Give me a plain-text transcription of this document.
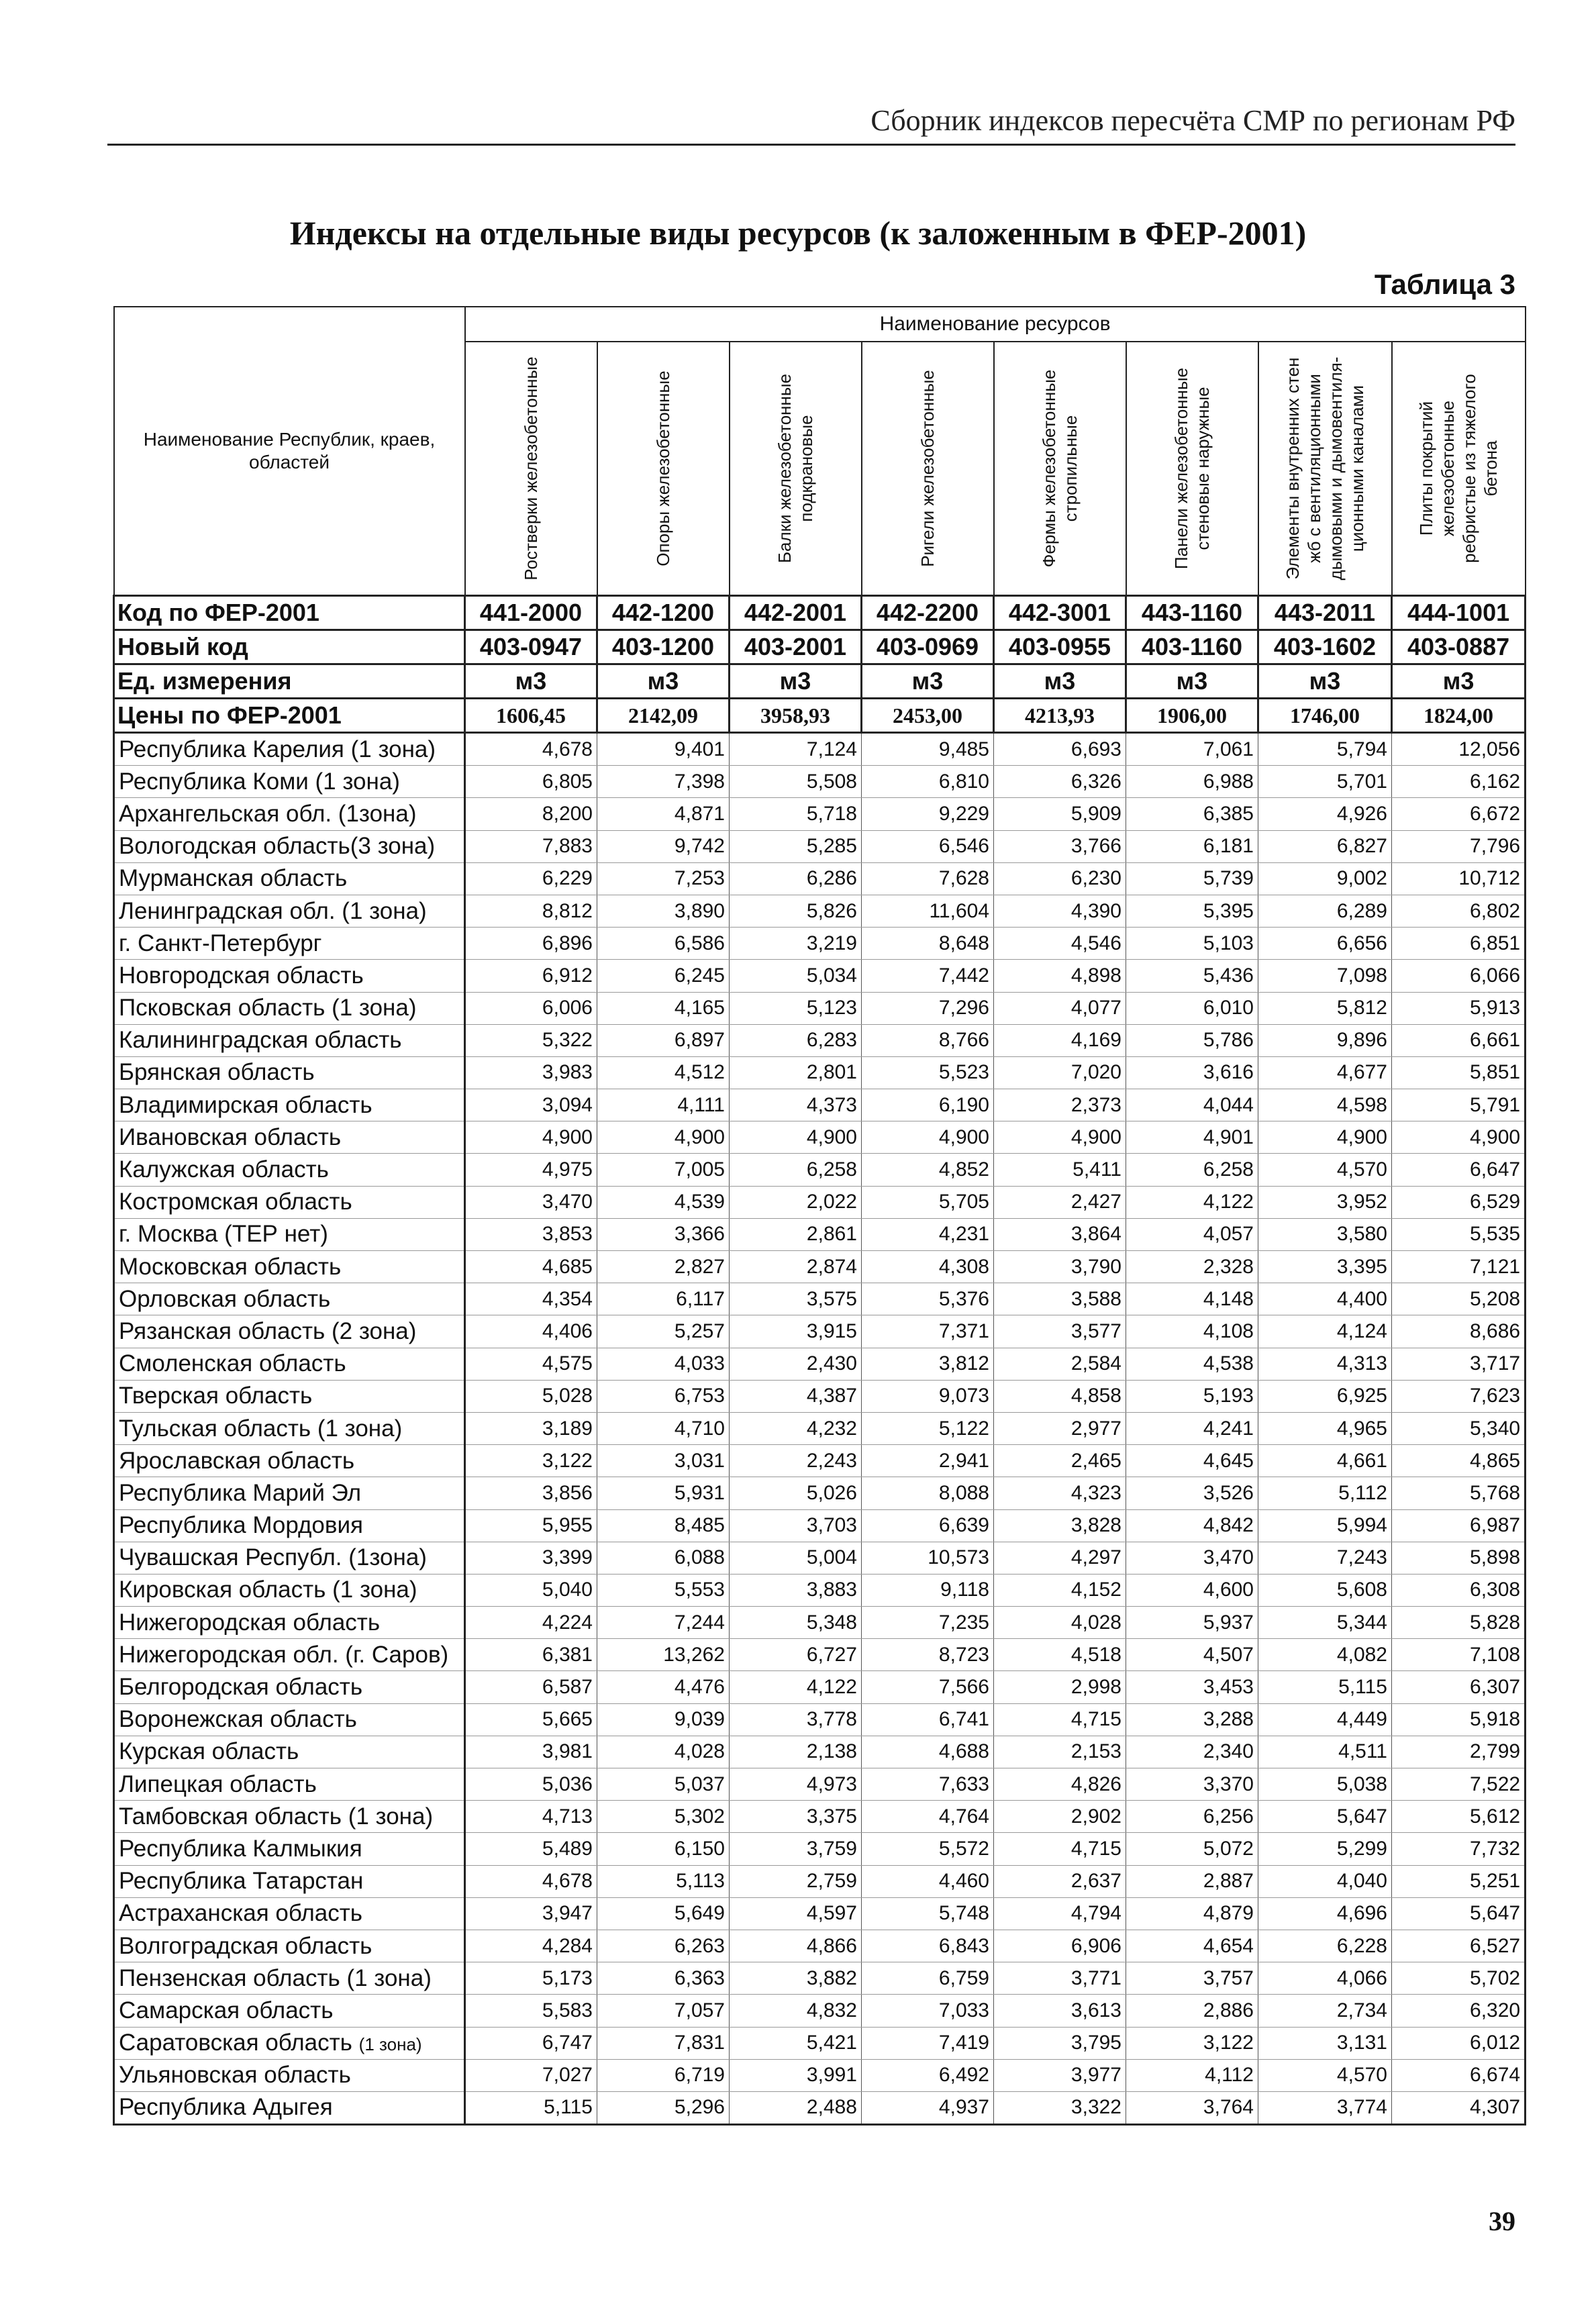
Сборник индексов пересчёта СМР по регионам РФ
Индексы на отдельные виды ресурсов (к заложенным в ФЕР-2001)
Таблица 3
Наименование Республик, краев, областей	Наименование ресурсов							

	Ростверки железобетонные	Опоры железобетонные	Балки железобетонные подкрановые	Ригели железобетонные	Фермы железобетонные стропильные	Панели железобетонные стеновые наружные	Элементы внутренних стен жб с вентиляционными дымовыми и дымовентиля-ционными каналами	Плиты покрытий железобетонные ребристые из тяжелого бетона

Код по ФЕР-2001	441-2000	442-1200	442-2001	442-2200	442-3001	443-1160	443-2011	444-1001
Новый код	403-0947	403-1200	403-2001	403-0969	403-0955	403-1160	403-1602	403-0887
Ед. измерения	м3	м3	м3	м3	м3	м3	м3	м3
Цены по ФЕР-2001	1606,45	2142,09	3958,93	2453,00	4213,93	1906,00	1746,00	1824,00
Республика Карелия (1 зона)	4,678	9,401	7,124	9,485	6,693	7,061	5,794	12,056
Республика Коми (1 зона)	6,805	7,398	5,508	6,810	6,326	6,988	5,701	6,162
Архангельская обл. (1зона)	8,200	4,871	5,718	9,229	5,909	6,385	4,926	6,672
Вологодская область(3 зона)	7,883	9,742	5,285	6,546	3,766	6,181	6,827	7,796
Мурманская область	6,229	7,253	6,286	7,628	6,230	5,739	9,002	10,712
Ленинградская обл. (1 зона)	8,812	3,890	5,826	11,604	4,390	5,395	6,289	6,802
г. Санкт-Петербург	6,896	6,586	3,219	8,648	4,546	5,103	6,656	6,851
Новгородская область	6,912	6,245	5,034	7,442	4,898	5,436	7,098	6,066
Псковская область (1 зона)	6,006	4,165	5,123	7,296	4,077	6,010	5,812	5,913
Калининградская область	5,322	6,897	6,283	8,766	4,169	5,786	9,896	6,661
Брянская область	3,983	4,512	2,801	5,523	7,020	3,616	4,677	5,851
Владимирская область	3,094	4,111	4,373	6,190	2,373	4,044	4,598	5,791
Ивановская область	4,900	4,900	4,900	4,900	4,900	4,901	4,900	4,900
Калужская область	4,975	7,005	6,258	4,852	5,411	6,258	4,570	6,647
Костромская область	3,470	4,539	2,022	5,705	2,427	4,122	3,952	6,529
г. Москва (ТЕР нет)	3,853	3,366	2,861	4,231	3,864	4,057	3,580	5,535
Московская область	4,685	2,827	2,874	4,308	3,790	2,328	3,395	7,121
Орловская область	4,354	6,117	3,575	5,376	3,588	4,148	4,400	5,208
Рязанская область (2 зона)	4,406	5,257	3,915	7,371	3,577	4,108	4,124	8,686
Смоленская область	4,575	4,033	2,430	3,812	2,584	4,538	4,313	3,717
Тверская область	5,028	6,753	4,387	9,073	4,858	5,193	6,925	7,623
Тульская область (1 зона)	3,189	4,710	4,232	5,122	2,977	4,241	4,965	5,340
Ярославская область	3,122	3,031	2,243	2,941	2,465	4,645	4,661	4,865
Республика Марий Эл	3,856	5,931	5,026	8,088	4,323	3,526	5,112	5,768
Республика Мордовия	5,955	8,485	3,703	6,639	3,828	4,842	5,994	6,987
Чувашская Республ. (1зона)	3,399	6,088	5,004	10,573	4,297	3,470	7,243	5,898
Кировская область (1 зона)	5,040	5,553	3,883	9,118	4,152	4,600	5,608	6,308
Нижегородская область	4,224	7,244	5,348	7,235	4,028	5,937	5,344	5,828
Нижегородская обл. (г. Саров)	6,381	13,262	6,727	8,723	4,518	4,507	4,082	7,108
Белгородская область	6,587	4,476	4,122	7,566	2,998	3,453	5,115	6,307
Воронежская область	5,665	9,039	3,778	6,741	4,715	3,288	4,449	5,918
Курская область	3,981	4,028	2,138	4,688	2,153	2,340	4,511	2,799
Липецкая область	5,036	5,037	4,973	7,633	4,826	3,370	5,038	7,522
Тамбовская область (1 зона)	4,713	5,302	3,375	4,764	2,902	6,256	5,647	5,612
Республика Калмыкия	5,489	6,150	3,759	5,572	4,715	5,072	5,299	7,732
Республика Татарстан	4,678	5,113	2,759	4,460	2,637	2,887	4,040	5,251
Астраханская область	3,947	5,649	4,597	5,748	4,794	4,879	4,696	5,647
Волгоградская область	4,284	6,263	4,866	6,843	6,906	4,654	6,228	6,527
Пензенская область (1 зона)	5,173	6,363	3,882	6,759	3,771	3,757	4,066	5,702
Самарская область	5,583	7,057	4,832	7,033	3,613	2,886	2,734	6,320
Саратовская область (1 зона)	6,747	7,831	5,421	7,419	3,795	3,122	3,131	6,012
Ульяновская область	7,027	6,719	3,991	6,492	3,977	4,112	4,570	6,674
Республика Адыгея	5,115	5,296	2,488	4,937	3,322	3,764	3,774	4,307
39
